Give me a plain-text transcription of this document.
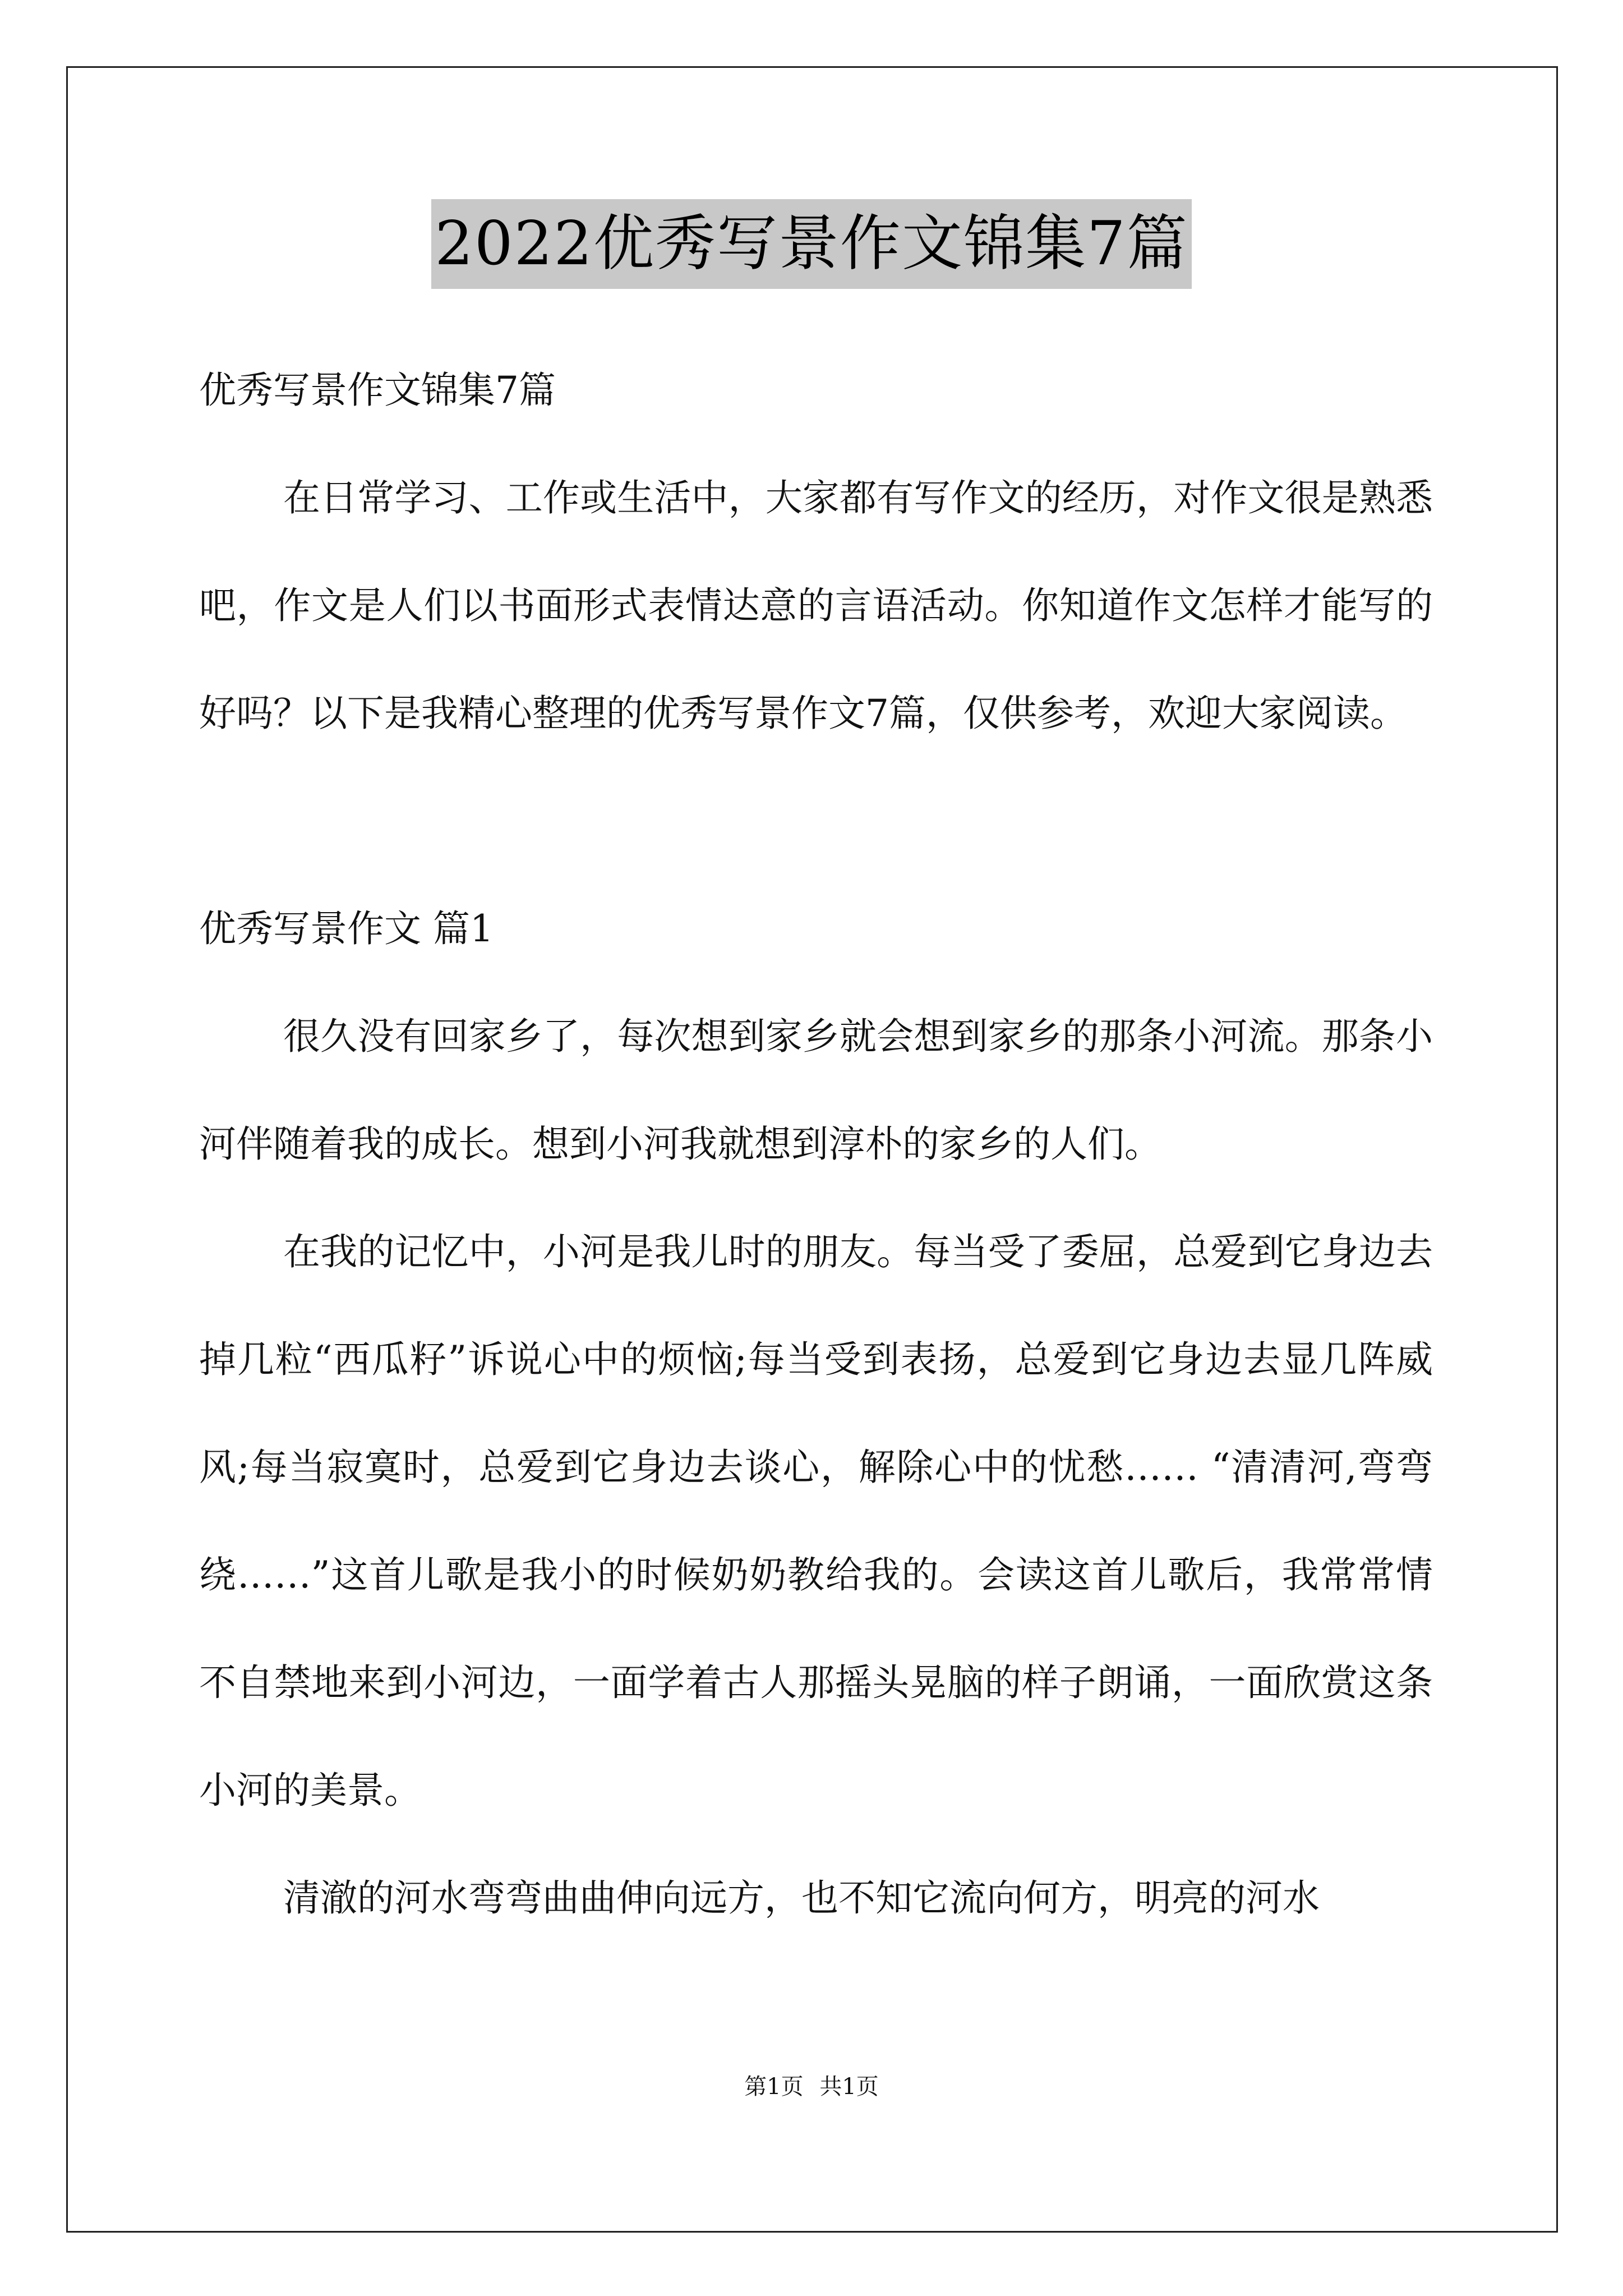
2022优秀写景作文锦集7篇

优秀写景作文锦集7篇

在日常学习、工作或生活中，大家都有写作文的经历，对作文很是熟悉吧，作文是人们以书面形式表情达意的言语活动。你知道作文怎样才能写的好吗？以下是我精心整理的优秀写景作文7篇，仅供参考，欢迎大家阅读。

优秀写景作文 篇1

很久没有回家乡了，每次想到家乡就会想到家乡的那条小河流。那条小河伴随着我的成长。想到小河我就想到淳朴的家乡的人们。

在我的记忆中，小河是我儿时的朋友。每当受了委屈，总爱到它身边去掉几粒“西瓜籽”诉说心中的烦恼;每当受到表扬，总爱到它身边去显几阵威风;每当寂寞时，总爱到它身边去谈心，解除心中的忧愁…… “清清河,弯弯绕……”这首儿歌是我小的时候奶奶教给我的。会读这首儿歌后，我常常情不自禁地来到小河边，一面学着古人那摇头晃脑的样子朗诵，一面欣赏这条小河的美景。

清澈的河水弯弯曲曲伸向远方，也不知它流向何方，明亮的河水

第1页 共1页
